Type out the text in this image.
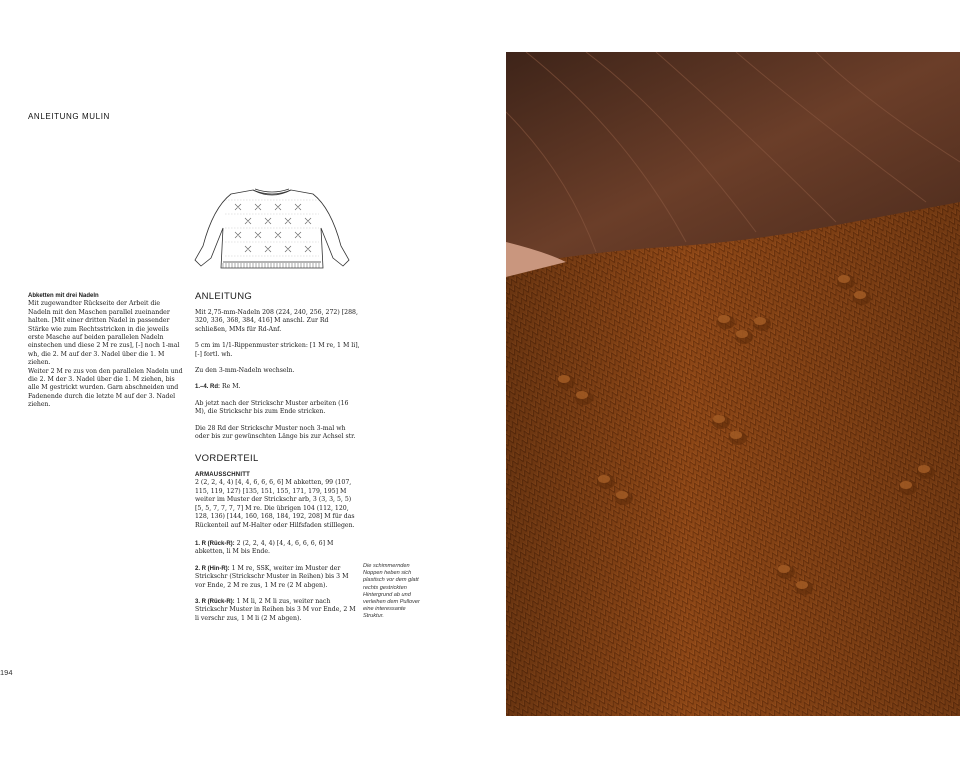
ANLEITUNG MULIN
Abketten mit drei Nadeln

Mit zugewandter Rückseite der Arbeit die Nadeln mit den Maschen parallel zueinander halten. [Mit einer dritten Nadel in passender Stärke wie zum Rechtsstricken in die jeweils erste Masche auf beiden parallelen Nadeln einstechen und diese 2 M re zus], [-] noch 1-mal wh, die 2. M auf der 3. Nadel über die 1. M ziehen.

Weiter 2 M re zus von den parallelen Nadeln und die 2. M der 3. Nadel über die 1. M ziehen, bis alle M gestrickt wurden. Garn abschneiden und Fadenende durch die letzte M auf der 3. Nadel ziehen.

ANLEITUNG

Mit 2,75-mm-Nadeln 208 (224, 240, 256, 272) [288, 320, 336, 368, 384, 416] M anschl. Zur Rd schließen, MMs für Rd-Anf.

5 cm im 1/1-Rippenmuster stricken: [1 M re, 1 M li], [-] fortl. wh.

Zu den 3-mm-Nadeln wechseln.

1.–4. Rd: Re M.

Ab jetzt nach der Strickschr Muster arbeiten (16 M), die Strickschr bis zum Ende stricken.

Die 28 Rd der Strickschr Muster noch 3-mal wh oder bis zur gewünschten Länge bis zur Achsel str.

VORDERTEIL
ARMAUSSCHNITT

2 (2, 2, 4, 4) [4, 4, 6, 6, 6, 6] M abketten, 99 (107, 115, 119, 127) [135, 151, 155, 171, 179, 195] M weiter im Muster der Strickschr arb, 3 (3, 3, 5, 5) [5, 5, 7, 7, 7, 7] M re. Die übrigen 104 (112, 120, 128, 136) [144, 160, 168, 184, 192, 208] M für das Rückenteil auf M-Halter oder Hilfsfaden stilllegen.

1. R (Rück-R): 2 (2, 2, 4, 4) [4, 4, 6, 6, 6, 6] M abketten, li M bis Ende.

2. R (Hin-R): 1 M re, SSK, weiter im Muster der Strickschr (Strickschr Muster in Reihen) bis 3 M vor Ende, 2 M re zus, 1 M re (2 M abgen).

3. R (Rück-R): 1 M li, 2 M li zus, weiter nach Strickschr Muster in Reihen bis 3 M vor Ende, 2 M li verschr zus, 1 M li (2 M abgen).

Die schimmernden Noppen heben sich plastisch vor dem glatt rechts gestrickten Hintergrund ab und verleihen dem Pullover eine interessante Struktur.
194
